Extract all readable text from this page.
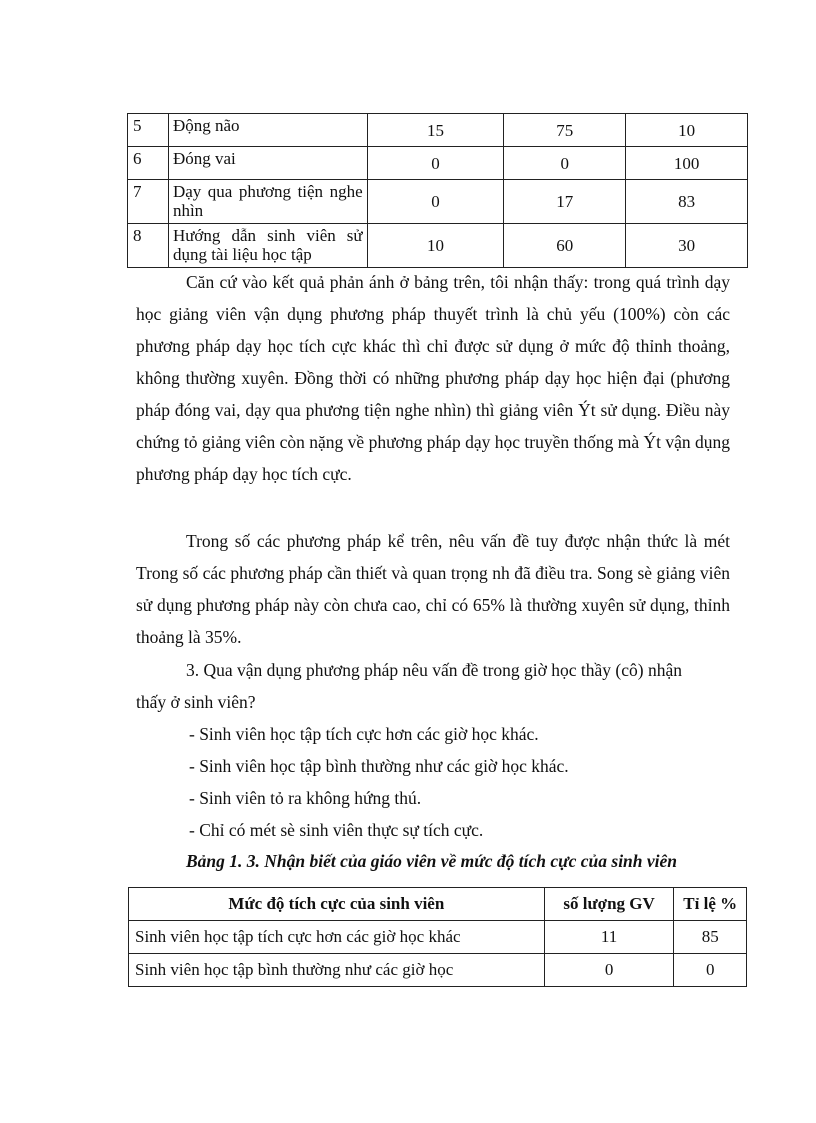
5	Động não	15	75	10
6	Đóng vai	0	0	100
7	Dạy qua phương tiện nghe nhìn	0	17	83
8	Hướng dẫn sinh viên sử dụng tài liệu học tập	10	60	30
Căn cứ vào kết quả phản ánh ở bảng trên, tôi nhận thấy: trong quá trình dạy học giảng viên vận dụng phương pháp thuyết trình là chủ yếu (100%) còn các phương pháp dạy học tích cực khác thì chỉ được sử dụng ở mức độ thỉnh thoảng, không thường xuyên. Đồng thời có những phương pháp dạy học hiện đại (phương pháp đóng vai, dạy qua phương tiện nghe nhìn) thì giảng viên Ýt sử dụng. Điều này chứng tỏ giảng viên còn nặng về phương pháp dạy học truyền thống mà Ýt vận dụng phương pháp dạy học tích cực.
Trong số các phương pháp kể trên, nêu vấn đề tuy được nhận thức là mét Trong số các phương pháp cần thiết và quan trọng nh đã điều tra. Song sè giảng viên sử dụng phương pháp này còn chưa cao, chỉ có 65% là thường xuyên sử dụng, thỉnh thoảng là 35%.
3. Qua vận dụng phương pháp nêu vấn đề trong giờ học thầy (cô) nhận
thấy ở sinh viên?
- Sinh viên học tập tích cực hơn các giờ học khác.
- Sinh viên học tập bình thường như các giờ học khác.
- Sinh viên tỏ ra không hứng thú.
- Chỉ có mét sè sinh viên thực sự tích cực.
Bảng 1. 3. Nhận biết của giáo viên về mức độ tích cực của sinh viên
Mức độ tích cực của sinh viên	số lượng GV	Tỉ lệ %
Sinh viên học tập tích cực hơn các giờ học khác	11	85
Sinh viên học tập bình thường như các giờ học	0	0
